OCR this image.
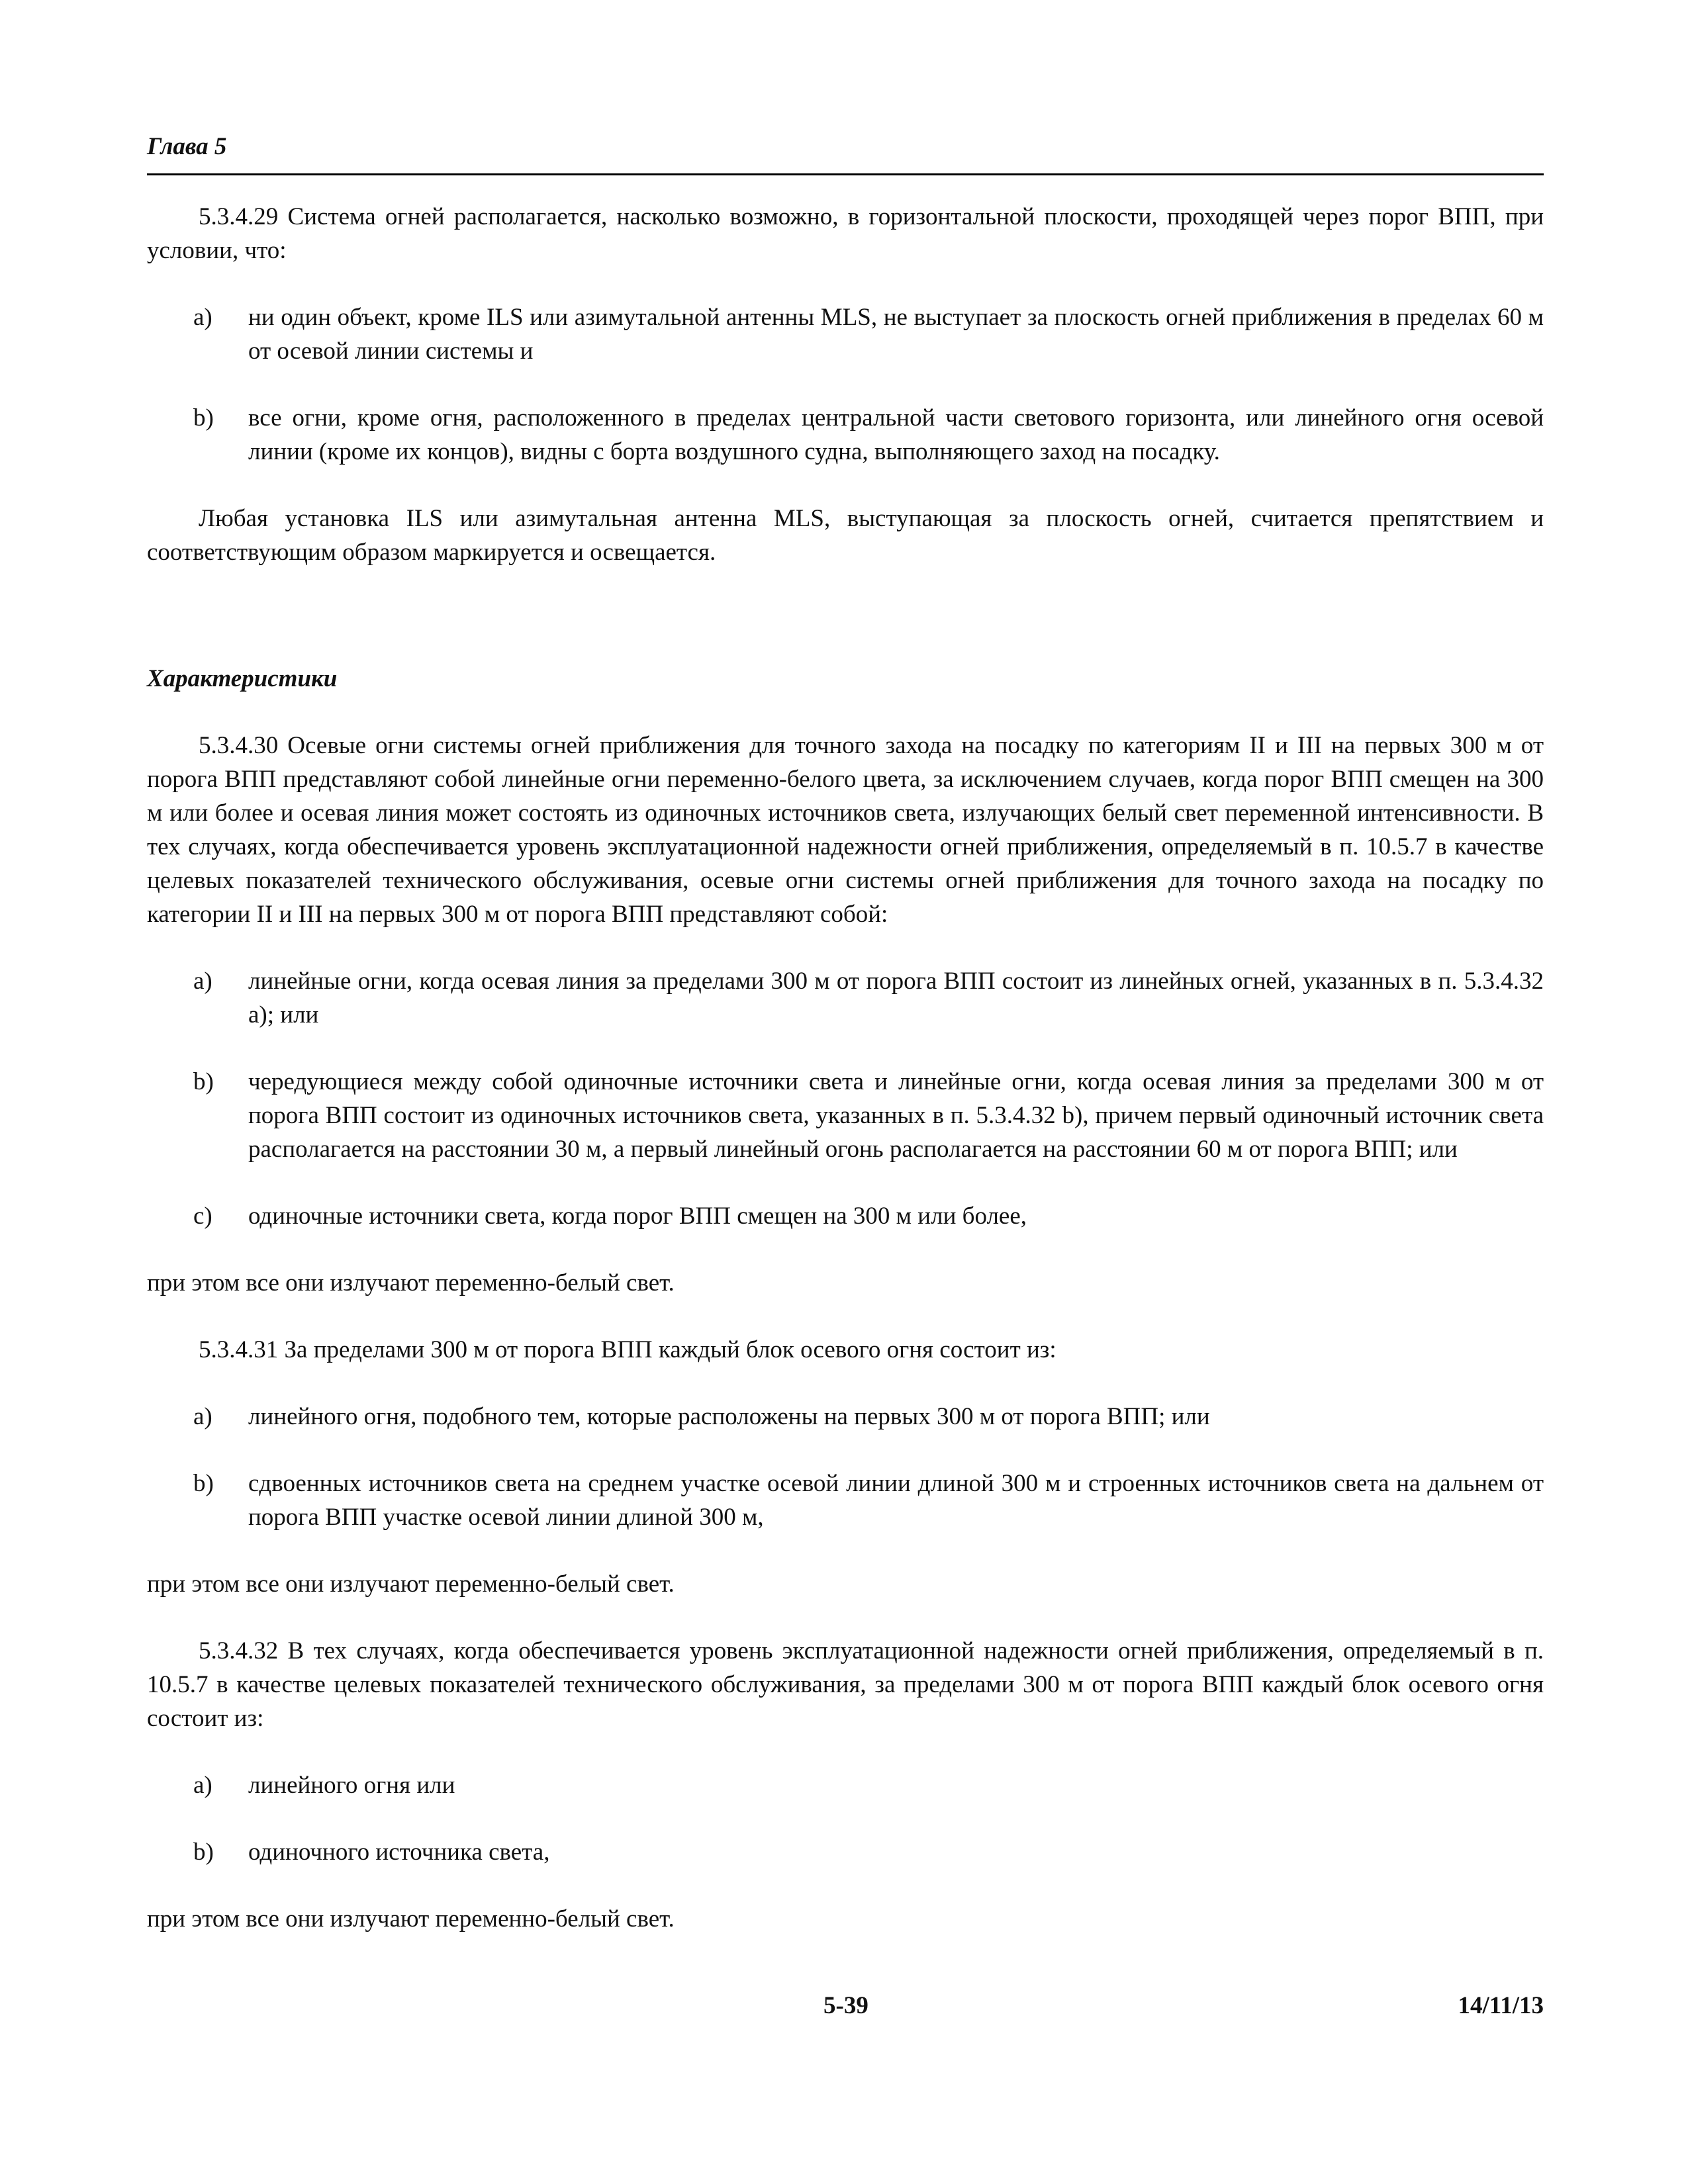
Глава 5

5.3.4.29 Система огней располагается, насколько возможно, в горизонтальной плоскости, проходящей через порог ВПП, при условии, что:

a) ни один объект, кроме ILS или азимутальной антенны MLS, не выступает за плоскость огней приближения в пределах 60 м от осевой линии системы и
b) все огни, кроме огня, расположенного в пределах центральной части светового горизонта, или линейного огня осевой линии (кроме их концов), видны с борта воздушного судна, выполняющего заход на посадку.

Любая установка ILS или азимутальная антенна MLS, выступающая за плоскость огней, считается препятствием и соответствующим образом маркируется и освещается.

Характеристики

5.3.4.30 Осевые огни системы огней приближения для точного захода на посадку по категориям II и III на первых 300 м от порога ВПП представляют собой линейные огни переменно-белого цвета, за исключением случаев, когда порог ВПП смещен на 300 м или более и осевая линия может состоять из одиночных источников света, излучающих белый свет переменной интенсивности. В тех случаях, когда обеспечивается уровень эксплуатационной надежности огней приближения, определяемый в п. 10.5.7 в качестве целевых показателей технического обслуживания, осевые огни системы огней приближения для точного захода на посадку по категории II и III на первых 300 м от порога ВПП представляют собой:

a) линейные огни, когда осевая линия за пределами 300 м от порога ВПП состоит из линейных огней, указанных в п. 5.3.4.32 a); или
b) чередующиеся между собой одиночные источники света и линейные огни, когда осевая линия за пределами 300 м от порога ВПП состоит из одиночных источников света, указанных в п. 5.3.4.32 b), причем первый одиночный источник света располагается на расстоянии 30 м, а первый линейный огонь располагается на расстоянии 60 м от порога ВПП; или
c) одиночные источники света, когда порог ВПП смещен на 300 м или более,

при этом все они излучают переменно-белый свет.

5.3.4.31 За пределами 300 м от порога ВПП каждый блок осевого огня состоит из:

a) линейного огня, подобного тем, которые расположены на первых 300 м от порога ВПП; или
b) сдвоенных источников света на среднем участке осевой линии длиной 300 м и строенных источников света на дальнем от порога ВПП участке осевой линии длиной 300 м,

при этом все они излучают переменно-белый свет.

5.3.4.32 В тех случаях, когда обеспечивается уровень эксплуатационной надежности огней приближения, определяемый в п. 10.5.7 в качестве целевых показателей технического обслуживания, за пределами 300 м от порога ВПП каждый блок осевого огня состоит из:

a) линейного огня или
b) одиночного источника света,

при этом все они излучают переменно-белый свет.

5-39	14/11/13
